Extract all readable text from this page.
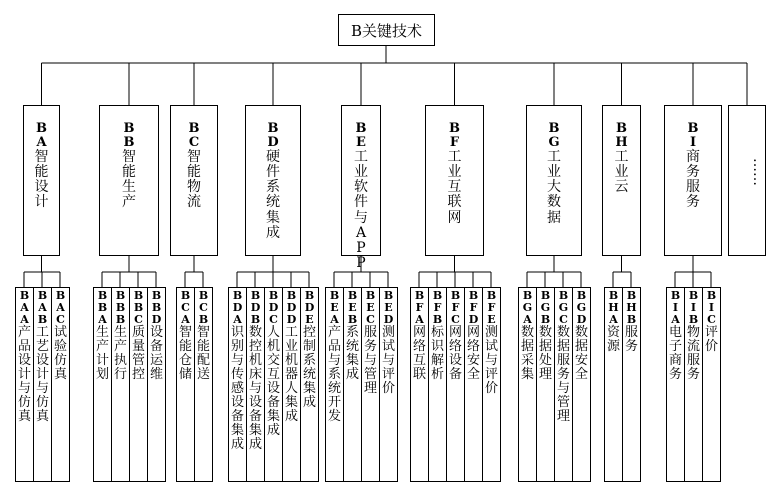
B关键技术
B
A
智
能
设
计
B
A
A
产
品
设
计
与
仿
真
B
A
B
工
艺
设
计
与
仿
真
B
A
C
试
验
仿
真
B
B
智
能
生
产
B
B
A
生
产
计
划
B
B
B
生
产
执
行
B
B
C
质
量
管
控
B
B
D
设
备
运
维
B
C
智
能
物
流
B
C
A
智
能
仓
储
B
C
B
智
能
配
送
B
D
硬
件
系
统
集
成
B
D
A
识
别
与
传
感
设
备
集
成
B
D
B
数
控
机
床
与
设
备
集
成
B
D
C
人
机
交
互
设
备
集
成
B
D
D
工
业
机
器
人
集
成
B
D
E
控
制
系
统
集
成
B
E
工
业
软
件
与
A
P
P
B
E
A
产
品
与
系
统
开
发
B
E
B
系
统
集
成
B
E
C
服
务
与
管
理
B
E
D
测
试
与
评
价
B
F
工
业
互
联
网
B
F
A
网
络
互
联
B
F
B
标
识
解
析
B
F
C
网
络
设
备
B
F
D
网
络
安
全
B
F
E
测
试
与
评
价
B
G
工
业
大
数
据
B
G
A
数
据
采
集
B
G
B
数
据
处
理
B
G
C
数
据
服
务
与
管
理
B
G
D
数
据
安
全
B
H
工
业
云
B
H
A
资
源
B
H
B
服
务
B
I
商
务
服
务
B
I
A
电
子
商
务
B
I
B
物
流
服
务
B
I
C
评
价
……
